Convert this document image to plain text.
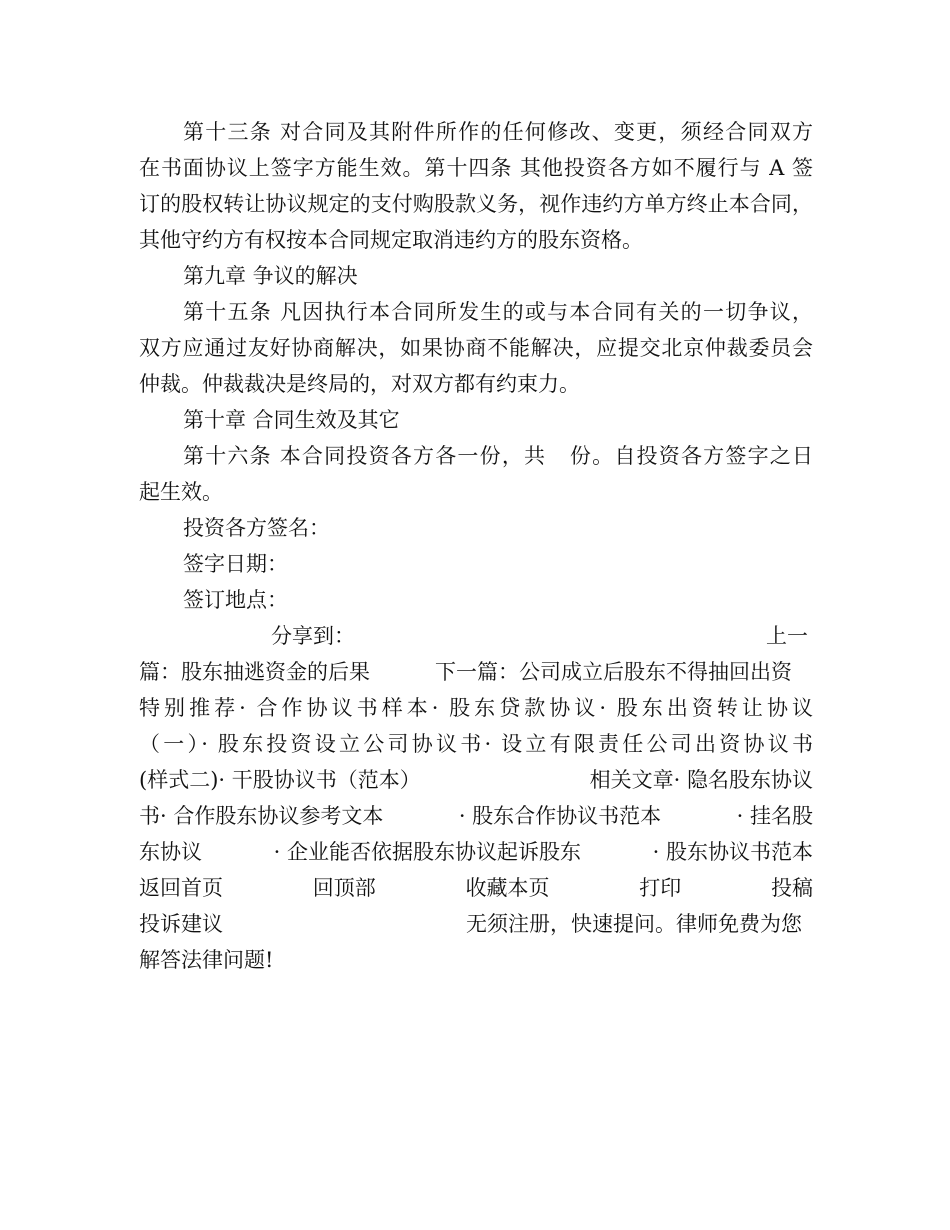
第十三条 对合同及其附件所作的任何修改、变更，须经合同双方
在书面协议上签字方能生效。第十四条 其他投资各方如不履行与 A 签
订的股权转让协议规定的支付购股款义务，视作违约方单方终止本合同，
其他守约方有权按本合同规定取消违约方的股东资格。
第九章 争议的解决
第十五条 凡因执行本合同所发生的或与本合同有关的一切争议，
双方应通过友好协商解决，如果协商不能解决，应提交北京仲裁委员会
仲裁。仲裁裁决是终局的，对双方都有约束力。
第十章 合同生效及其它
第十六条 本合同投资各方各一份，共   份。自投资各方签字之日
起生效。
投资各方签名：
签字日期：
签订地点：
分享到：	上一
篇：股东抽逃资金的后果	下一篇：公司成立后股东不得抽回出资
特别推荐· 合作协议书样本· 股东贷款协议· 股东出资转让协议
（一）· 股东投资设立公司协议书· 设立有限责任公司出资协议书
(样式二)· 干股协议书（范本）	相关文章· 隐名股东协议
书· 合作股东协议参考文本	· 股东合作协议书范本	· 挂名股
东协议	· 企业能否依据股东协议起诉股东	· 股东协议书范本
返回首页	回顶部	收藏本页	打印	投稿
投诉建议	无须注册，快速提问。律师免费为您
解答法律问题!
